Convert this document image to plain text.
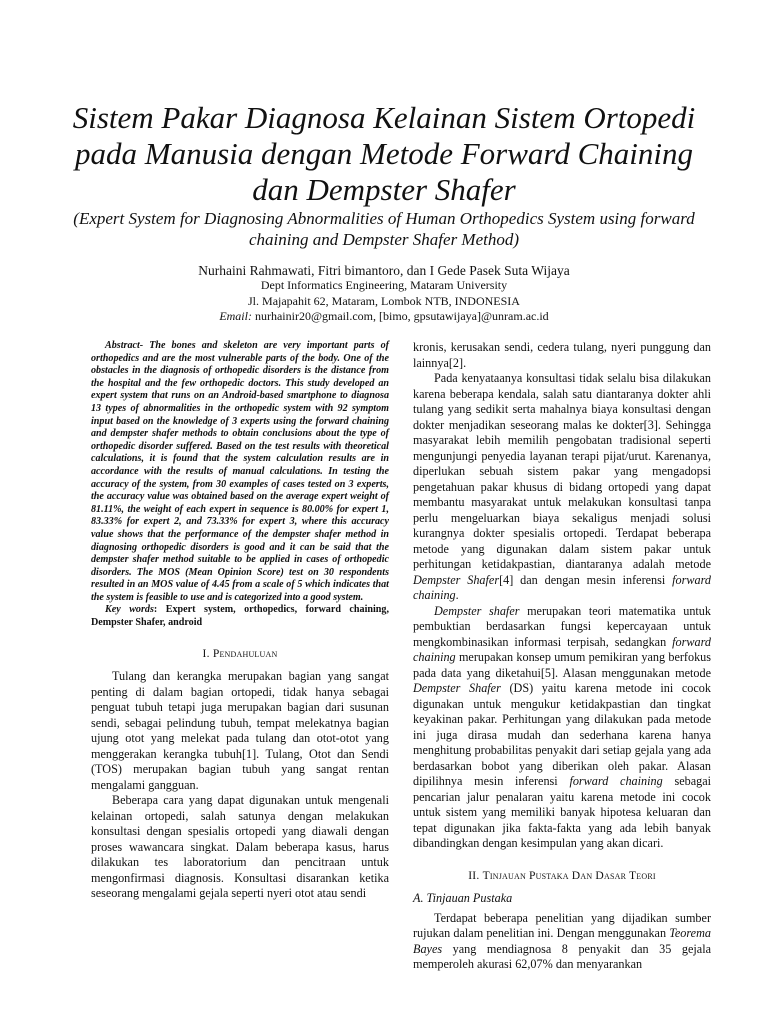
Sistem Pakar Diagnosa Kelainan Sistem Ortopedi pada Manusia dengan Metode Forward Chaining dan Dempster Shafer

(Expert System for Diagnosing Abnormalities of Human Orthopedics System using forward chaining and Dempster Shafer Method)

Nurhaini Rahmawati, Fitri bimantoro, dan I Gede Pasek Suta Wijaya
Dept Informatics Engineering, Mataram University
Jl. Majapahit 62, Mataram, Lombok NTB, INDONESIA
Email: nurhainir20@gmail.com, [bimo, gpsutawijaya]@unram.ac.id

Abstract- The bones and skeleton are very important parts of orthopedics and are the most vulnerable parts of the body. One of the obstacles in the diagnosis of orthopedic disorders is the distance from the hospital and the few orthopedic doctors. This study developed an expert system that runs on an Android-based smartphone to diagnosa 13 types of abnormalities in the orthopedic system with 92 symptom input based on the knowledge of 3 experts using the forward chaining and dempster shafer methods to obtain conclusions about the type of orthopedic disorder suffered. Based on the test results with theoretical calculations, it is found that the system calculation results are in accordance with the results of manual calculations. In testing the accuracy of the system, from 30 examples of cases tested on 3 experts, the accuracy value was obtained based on the average expert weight of 81.11%, the weight of each expert in sequence is 80.00% for expert 1, 83.33% for expert 2, and 73.33% for expert 3, where this accuracy value shows that the performance of the dempster shafer method in diagnosing orthopedic disorders is good and it can be said that the dempster shafer method suitable to be applied in cases of orthopedic disorders. The MOS (Mean Opinion Score) test on 30 respondents resulted in an MOS value of 4.45 from a scale of 5 which indicates that the system is feasible to use and is categorized into a good system.

Key words: Expert system, orthopedics, forward chaining, Dempster Shafer, android

I. Pendahuluan

Tulang dan kerangka merupakan bagian yang sangat penting di dalam bagian ortopedi, tidak hanya sebagai penguat tubuh tetapi juga merupakan bagian dari susunan sendi, sebagai pelindung tubuh, tempat melekatnya bagian ujung otot yang melekat pada tulang dan otot-otot yang menggerakan kerangka tubuh[1]. Tulang, Otot dan Sendi (TOS) merupakan bagian tubuh yang sangat rentan mengalami gangguan.

Beberapa cara yang dapat digunakan untuk mengenali kelainan ortopedi, salah satunya dengan melakukan konsultasi dengan spesialis ortopedi yang diawali dengan proses wawancara singkat. Dalam beberapa kasus, harus dilakukan tes laboratorium dan pencitraan untuk mengonfirmasi diagnosis. Konsultasi disarankan ketika seseorang mengalami gejala seperti nyeri otot atau sendi

kronis, kerusakan sendi, cedera tulang, nyeri punggung dan lainnya[2].

Pada kenyataanya konsultasi tidak selalu bisa dilakukan karena beberapa kendala, salah satu diantaranya dokter ahli tulang yang sedikit serta mahalnya biaya konsultasi dengan dokter menjadikan seseorang malas ke dokter[3]. Sehingga masyarakat lebih memilih pengobatan tradisional seperti mengunjungi penyedia layanan terapi pijat/urut. Karenanya, diperlukan sebuah sistem pakar yang mengadopsi pengetahuan pakar khusus di bidang ortopedi yang dapat membantu masyarakat untuk melakukan konsultasi tanpa perlu mengeluarkan biaya sekaligus menjadi solusi kurangnya dokter spesialis ortopedi. Terdapat beberapa metode yang digunakan dalam sistem pakar untuk perhitungan ketidakpastian, diantaranya adalah metode Dempster Shafer[4] dan dengan mesin inferensi forward chaining.

Dempster shafer merupakan teori matematika untuk pembuktian berdasarkan fungsi kepercayaan untuk mengkombinasikan informasi terpisah, sedangkan forward chaining merupakan konsep umum pemikiran yang berfokus pada data yang diketahui[5]. Alasan menggunakan metode Dempster Shafer (DS) yaitu karena metode ini cocok digunakan untuk mengukur ketidakpastian dan tingkat keyakinan pakar. Perhitungan yang dilakukan pada metode ini juga dirasa mudah dan sederhana karena hanya menghitung probabilitas penyakit dari setiap gejala yang ada berdasarkan bobot yang diberikan oleh pakar. Alasan dipilihnya mesin inferensi forward chaining sebagai pencarian jalur penalaran yaitu karena metode ini cocok untuk sistem yang memiliki banyak hipotesa keluaran dan tepat digunakan jika fakta-fakta yang ada lebih banyak dibandingkan dengan kesimpulan yang akan dicari.

II. Tinjauan Pustaka Dan Dasar Teori
A. Tinjauan Pustaka

Terdapat beberapa penelitian yang dijadikan sumber rujukan dalam penelitian ini. Dengan menggunakan Teorema Bayes yang mendiagnosa 8 penyakit dan 35 gejala memperoleh akurasi 62,07% dan menyarankan
